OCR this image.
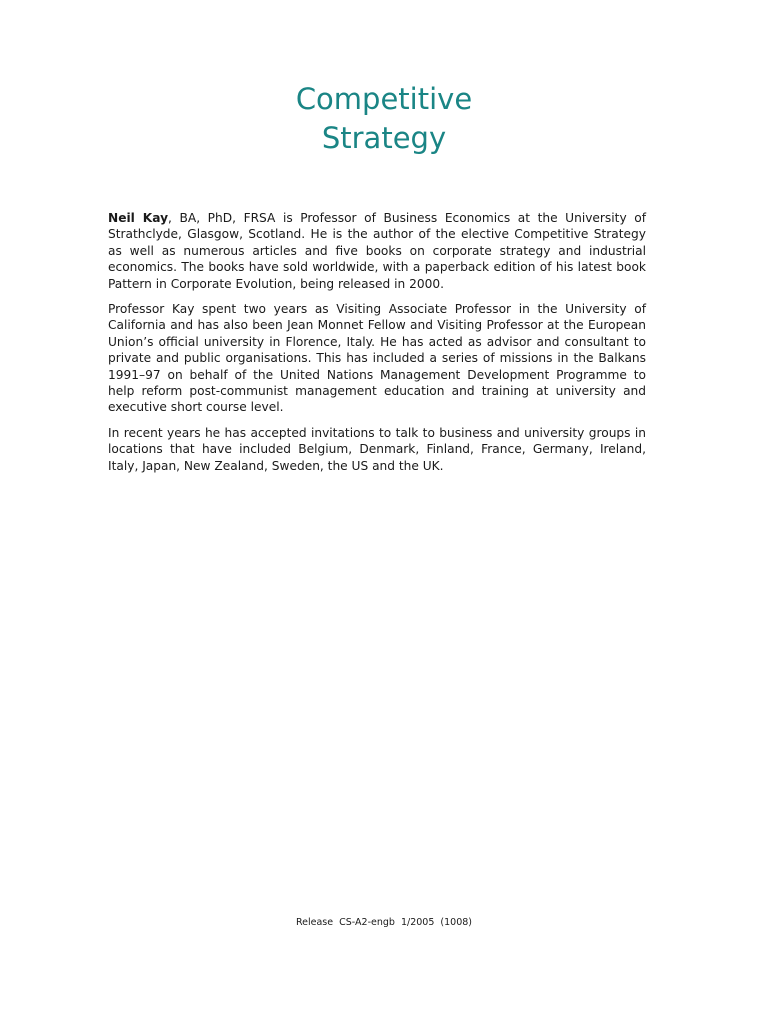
Competitive
Strategy

Neil Kay, BA, PhD, FRSA is Professor of Business Economics at the University of Strathclyde, Glasgow, Scotland. He is the author of the elective Competitive Strategy as well as numerous articles and five books on corporate strategy and industrial economics. The books have sold worldwide, with a paperback edition of his latest book Pattern in Corporate Evolution, being released in 2000.

Professor Kay spent two years as Visiting Associate Professor in the University of California and has also been Jean Monnet Fellow and Visiting Professor at the European Union’s official university in Florence, Italy. He has acted as advisor and consultant to private and public organisations. This has included a series of missions in the Balkans 1991–97 on behalf of the United Nations Management Development Programme to help reform post-communist management education and training at university and executive short course level.

In recent years he has accepted invitations to talk to business and university groups in locations that have included Belgium, Denmark, Finland, France, Germany, Ireland, Italy, Japan, New Zealand, Sweden, the US and the UK.

Release  CS-A2-engb  1/2005  (1008)
